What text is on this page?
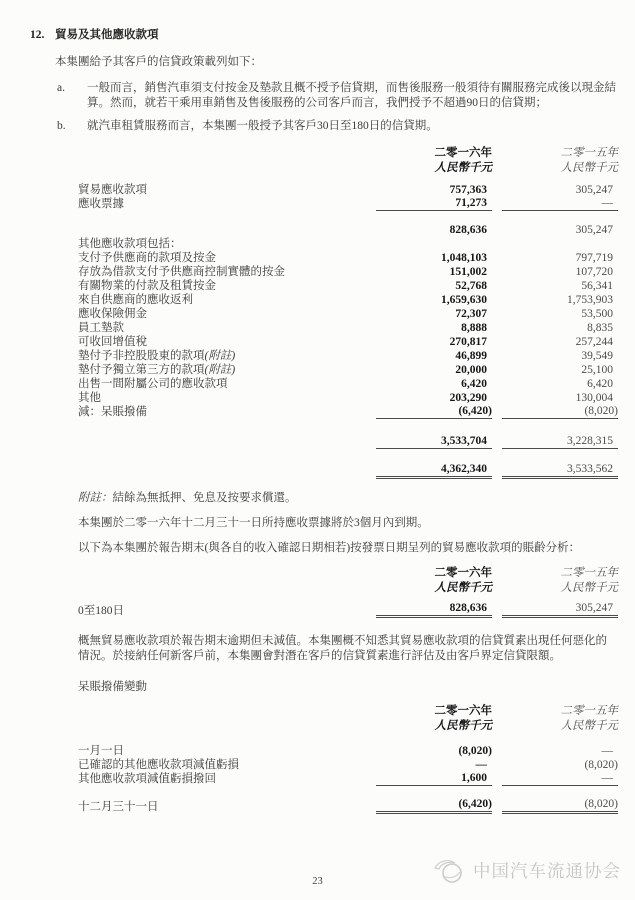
12. 貿易及其他應收款項
本集團給予其客戶的信貸政策載列如下：
a.	一般而言，銷售汽車須支付按金及墊款且概不授予信貸期，而售後服務一般須待有關服務完成後以現金結算。然而，就若干乘用車銷售及售後服務的公司客戶而言，我們授予不超過90日的信貸期；
b.	就汽車租賃服務而言，本集團一般授予其客戶30日至180日的信貸期。
二零一六年
人民幣千元
二零一五年
人民幣千元
貿易應收款項	757,363	305,247
應收票據	71,273	—
828,636	305,247
其他應收款項包括：
支付予供應商的款項及按金	1,048,103	797,719
存放為借款支付予供應商控制實體的按金	151,002	107,720
有關物業的付款及租賃按金	52,768	56,341
來自供應商的應收返利	1,659,630	1,753,903
應收保險佣金	72,307	53,500
員工墊款	8,888	8,835
可收回增值稅	270,817	257,244
墊付予非控股股東的款項(附註)	46,899	39,549
墊付予獨立第三方的款項(附註)	20,000	25,100
出售一間附屬公司的應收款項	6,420	6,420
其他	203,290	130,004
減：呆賬撥備	(6,420)	(8,020)
3,533,704	3,228,315
4,362,340	3,533,562
附註：結餘為無抵押、免息及按要求償還。
本集團於二零一六年十二月三十一日所持應收票據將於3個月內到期。
以下為本集團於報告期末(與各自的收入確認日期相若)按發票日期呈列的貿易應收款項的賬齡分析：
二零一六年
人民幣千元
二零一五年
人民幣千元
0至180日	828,636	305,247
概無貿易應收款項於報告期末逾期但未減值。本集團概不知悉其貿易應收款項的信貸質素出現任何惡化的情況。於接納任何新客戶前，本集團會對潛在客戶的信貸質素進行評估及由客戶界定信貸限額。
呆賬撥備變動
二零一六年
人民幣千元
二零一五年
人民幣千元
一月一日	(8,020)	—
已確認的其他應收款項減值虧損	—	(8,020)
其他應收款項減值虧損撥回	1,600	—
十二月三十一日	(6,420)	(8,020)
23
中国汽车流通协会
